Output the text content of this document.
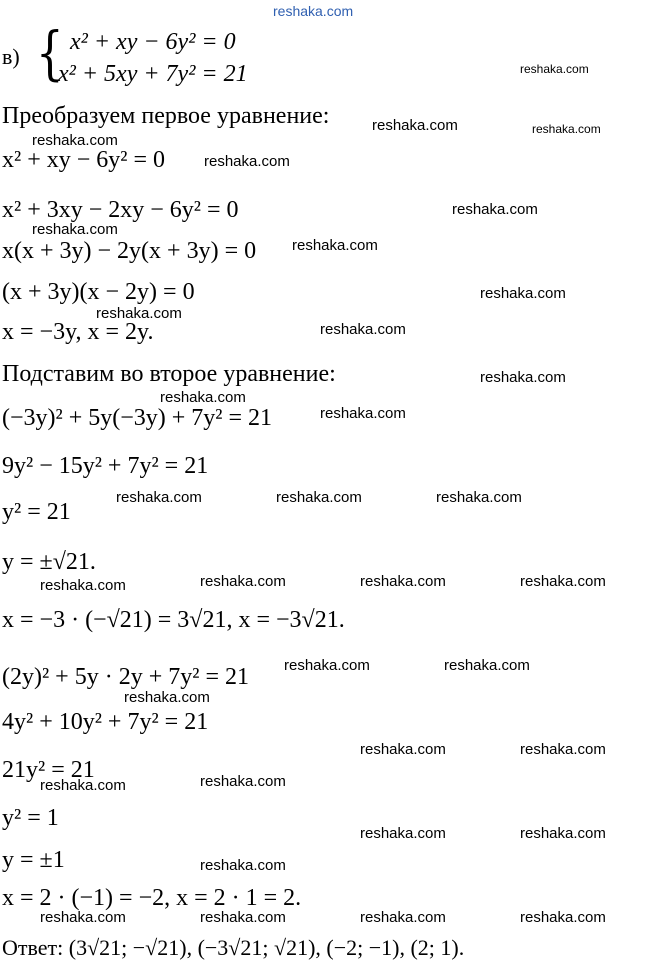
reshaka.com
в) { x² + xy − 6y² = 0
x² + 5xy + 7y² = 21
Преобразуем первое уравнение:
x² + xy − 6y² = 0
x² + 3xy − 2xy − 6y² = 0
x(x + 3y) − 2y(x + 3y) = 0
(x + 3y)(x − 2y) = 0
x = −3y, x = 2y.
Подставим во второе уравнение:
(−3y)² + 5y(−3y) + 7y² = 21
9y² − 15y² + 7y² = 21
y² = 21
y = ±√21.
x = −3 · (−√21) = 3√21, x = −3√21.
(2y)² + 5y · 2y + 7y² = 21
4y² + 10y² + 7y² = 21
21y² = 21
y² = 1
y = ±1
x = 2 · (−1) = −2, x = 2 · 1 = 2.
Ответ: (3√21; −√21), (−3√21; √21), (−2; −1), (2; 1).
reshaka.com
reshaka.com	reshaka.com
reshaka.com
reshaka.com
reshaka.com
reshaka.com
reshaka.com
reshaka.com
reshaka.com
reshaka.com
reshaka.com
reshaka.com
reshaka.com
reshaka.com	reshaka.com	reshaka.com
reshaka.com	reshaka.com	reshaka.com	reshaka.com
reshaka.com	reshaka.com
reshaka.com
reshaka.com	reshaka.com
reshaka.com
reshaka.com
reshaka.com	reshaka.com
reshaka.com
reshaka.com	reshaka.com	reshaka.com	reshaka.com
